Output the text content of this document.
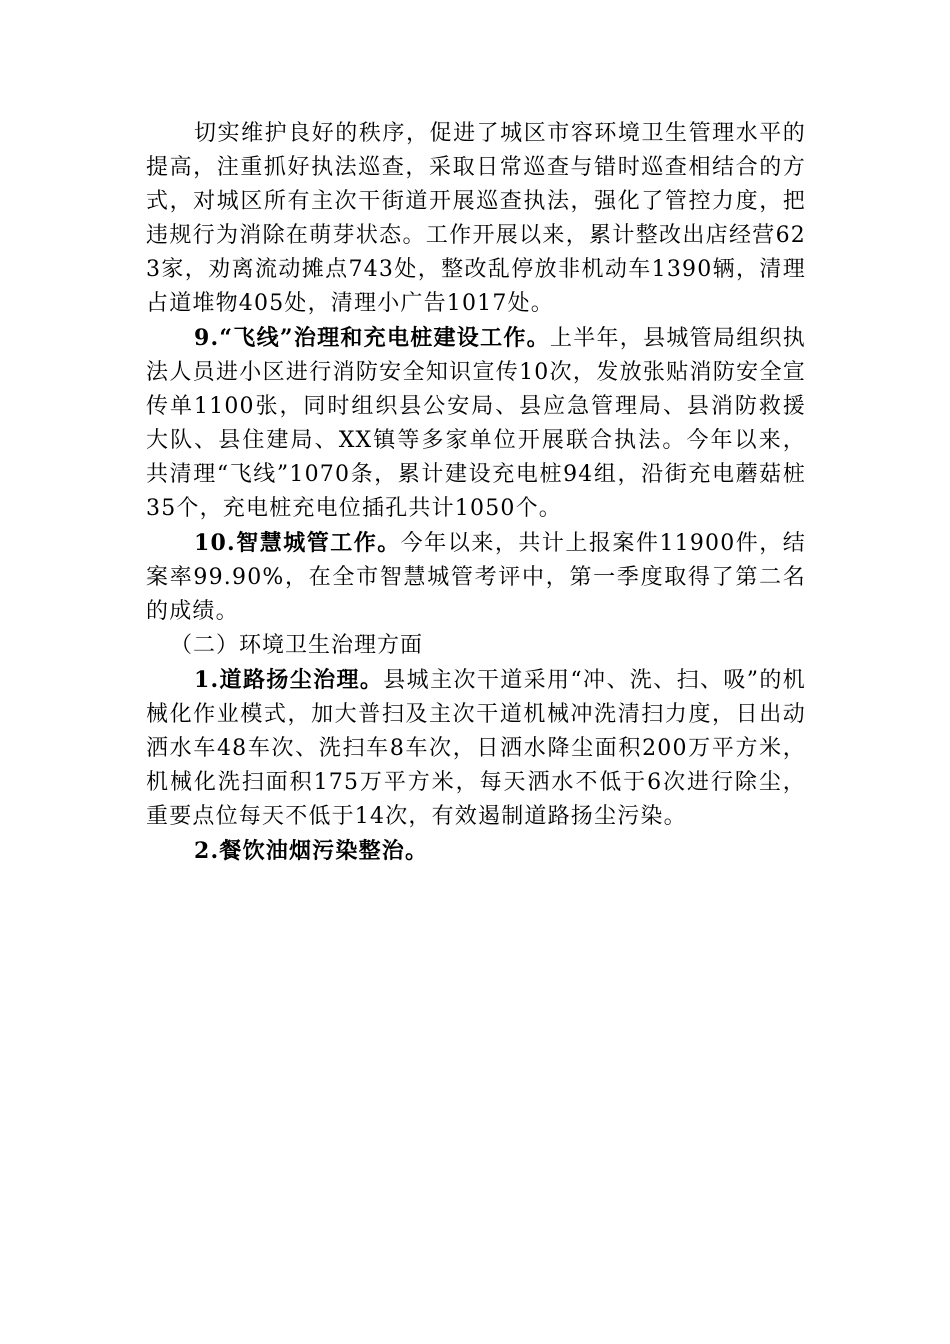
切实维护良好的秩序，促进了城区市容环境卫生管理水平的提高，注重抓好执法巡查，采取日常巡查与错时巡查相结合的方式，对城区所有主次干街道开展巡查执法，强化了管控力度，把违规行为消除在萌芽状态。工作开展以来，累计整改出店经营623家，劝离流动摊点743处，整改乱停放非机动车1390辆，清理占道堆物405处，清理小广告1017处。

9.“飞线”治理和充电桩建设工作。上半年，县城管局组织执法人员进小区进行消防安全知识宣传10次，发放张贴消防安全宣传单1100张，同时组织县公安局、县应急管理局、县消防救援大队、县住建局、XX镇等多家单位开展联合执法。今年以来，共清理“飞线”1070条，累计建设充电桩94组，沿街充电蘑菇桩35个，充电桩充电位插孔共计1050个。

10.智慧城管工作。今年以来，共计上报案件11900件，结案率99.90%，在全市智慧城管考评中，第一季度取得了第二名的成绩。

（二）环境卫生治理方面

1.道路扬尘治理。县城主次干道采用“冲、洗、扫、吸”的机械化作业模式，加大普扫及主次干道机械冲洗清扫力度，日出动洒水车48车次、洗扫车8车次，日洒水降尘面积200万平方米，机械化洗扫面积175万平方米，每天洒水不低于6次进行除尘，重要点位每天不低于14次，有效遏制道路扬尘污染。

2.餐饮油烟污染整治。
